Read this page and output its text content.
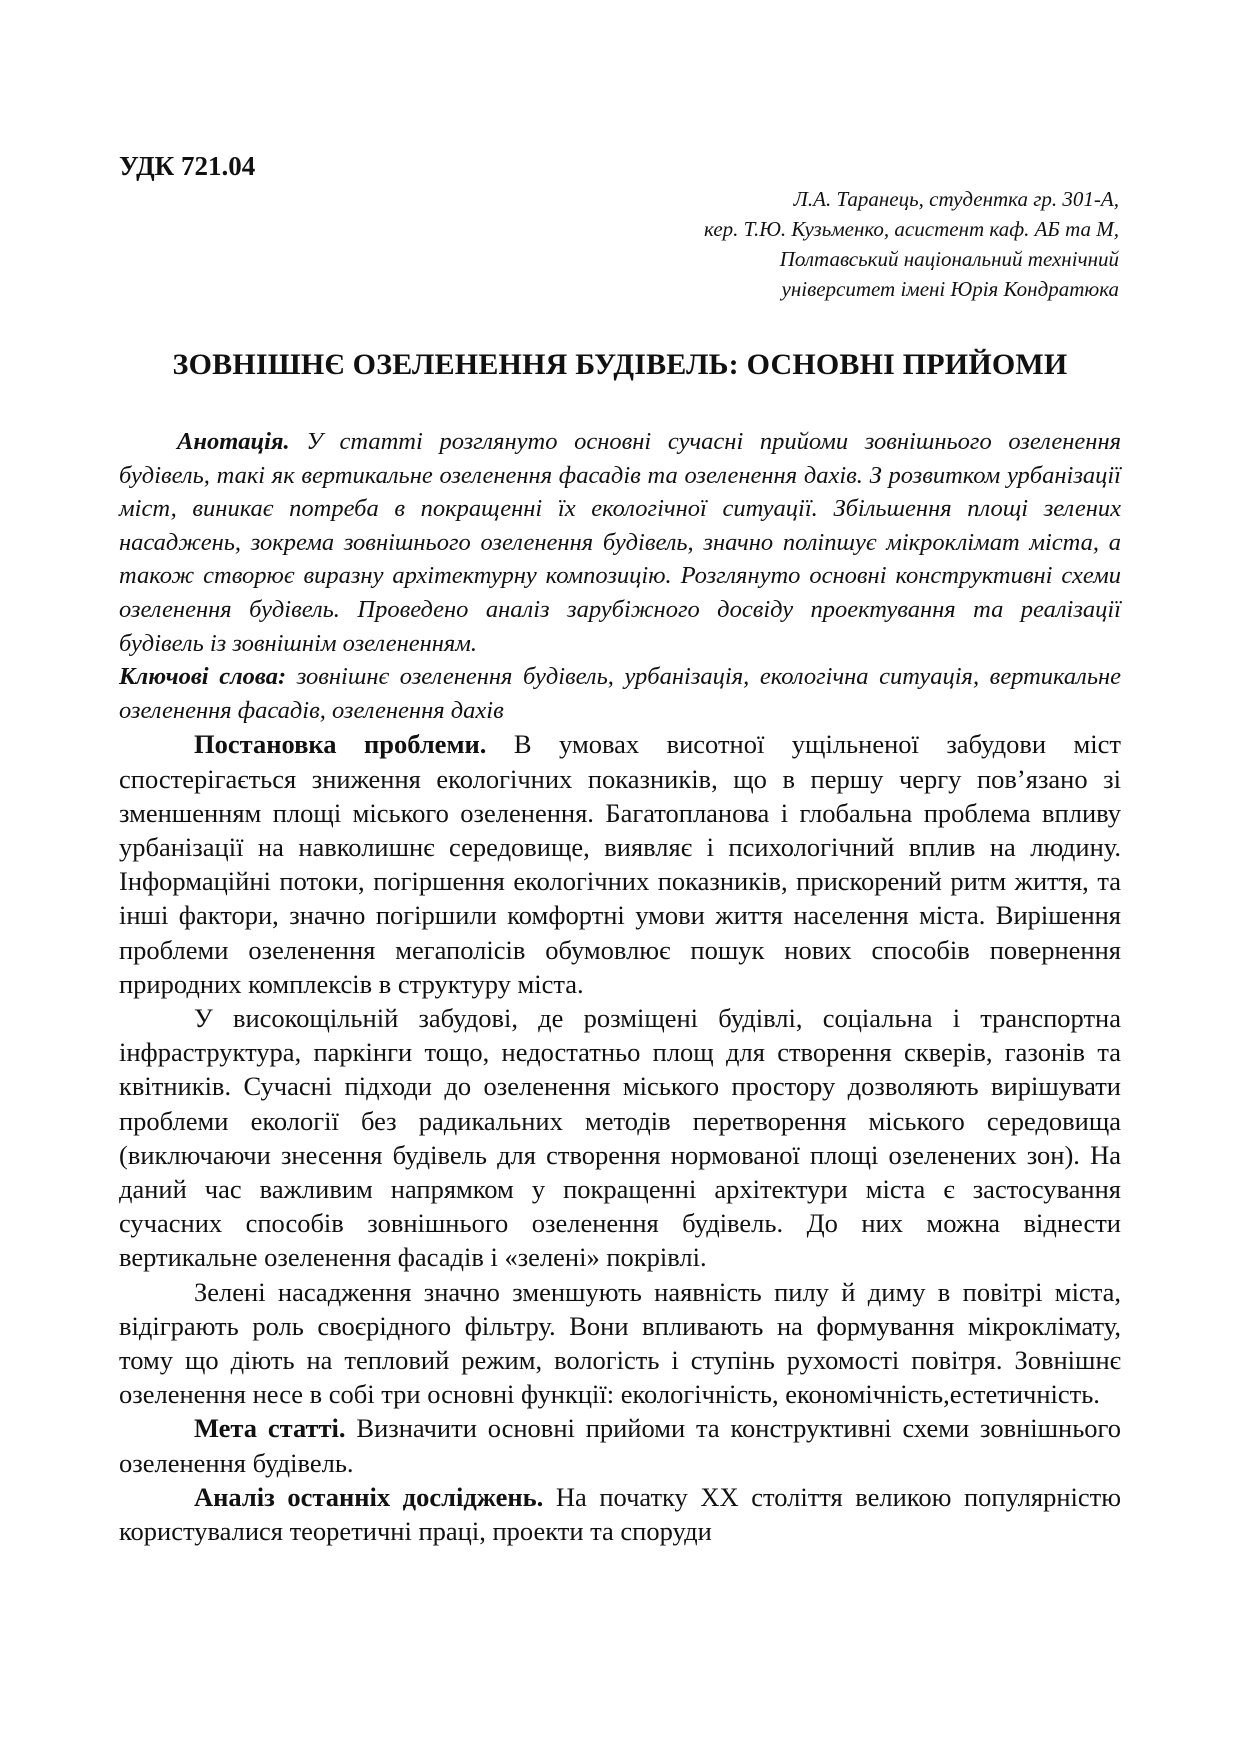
УДК 721.04
Л.А. Таранець, студентка гр. 301-А,
кер. Т.Ю. Кузьменко, асистент каф. АБ та М,
Полтавський національний технічний
університет імені Юрія Кондратюка
ЗОВНІШНЄ ОЗЕЛЕНЕННЯ БУДІВЕЛЬ: ОСНОВНІ ПРИЙОМИ

Анотація. У статті розглянуто основні сучасні прийоми зовнішнього озеленення будівель, такі як вертикальне озеленення фасадів та озеленення дахів. З розвитком урбанізації міст, виникає потреба в покращенні їх екологічної ситуації. Збільшення площі зелених насаджень, зокрема зовнішнього озеленення будівель, значно поліпшує мікроклімат міста, а також створює виразну архітектурну композицію. Розглянуто основні конструктивні схеми озеленення будівель. Проведено аналіз зарубіжного досвіду проектування та реалізації будівель із зовнішнім озелененням.

Ключові слова: зовнішнє озеленення будівель, урбанізація, екологічна ситуація, вертикальне озеленення фасадів, озеленення дахів

Постановка проблеми. В умовах висотної ущільненої забудови міст спостерігається зниження екологічних показників, що в першу чергу пов’язано зі зменшенням площі міського озеленення. Багатопланова і глобальна проблема впливу урбанізації на навколишнє середовище, виявляє і психологічний вплив на людину. Інформаційні потоки, погіршення екологічних показників, прискорений ритм життя, та інші фактори, значно погіршили комфортні умови життя населення міста. Вирішення проблеми озеленення мегаполісів обумовлює пошук нових способів повернення природних комплексів в структуру міста.

У високощільній забудові, де розміщені будівлі, соціальна і транспортна інфраструктура, паркінги тощо, недостатньо площ для створення скверів, газонів та квітників. Сучасні підходи до озеленення міського простору дозволяють вирішувати проблеми екології без радикальних методів перетворення міського середовища (виключаючи знесення будівель для створення нормованої площі озеленених зон). На даний час важливим напрямком у покращенні архітектури міста є застосування сучасних способів зовнішнього озеленення будівель. До них можна віднести вертикальне озеленення фасадів і «зелені» покрівлі.

Зелені насадження значно зменшують наявність пилу й диму в повітрі міста, відіграють роль своєрідного фільтру. Вони впливають на формування мікроклімату, тому що діють на тепловий режим, вологість і ступінь рухомості повітря. Зовнішнє озеленення несе в собі три основні функції: екологічність, економічність,естетичність.

Мета статті. Визначити основні прийоми та конструктивні схеми зовнішнього озеленення будівель.

Аналіз останніх досліджень. На початку XX століття великою популярністю користувалися теоретичні праці, проекти та споруди
